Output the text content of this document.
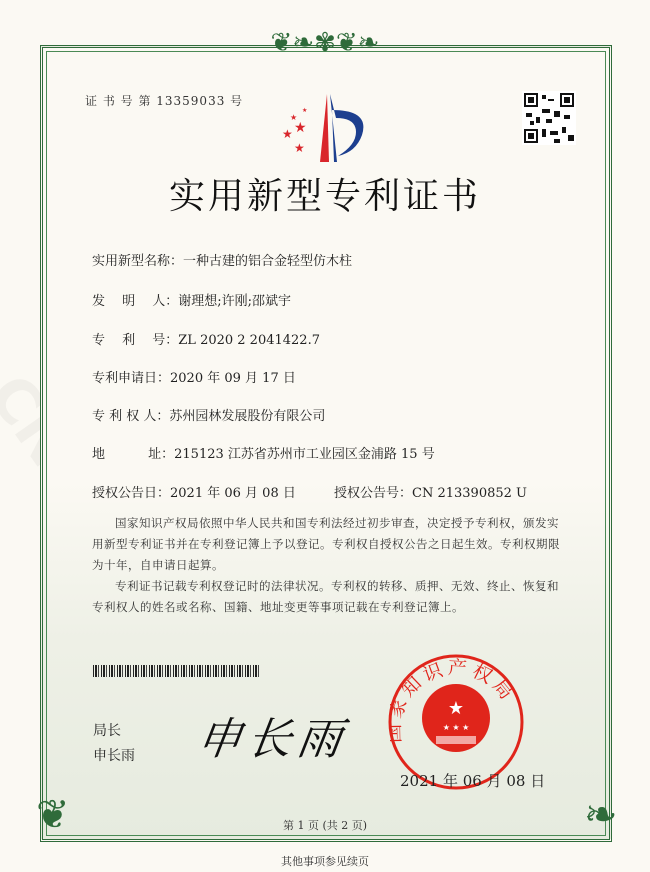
❦❧✾❦❧
❦	❧
证 书 号 第 13359033 号
★
★ ★
★
★
实用新型专利证书
实用新型名称：一种古建的铝合金轻型仿木柱
发　 明　 人：谢理想;许刚;邵斌宇
专　 利　 号：ZL 2020 2 2041422.7
专利申请日：2020 年 09 月 17 日
专 利 权 人：苏州园林发展股份有限公司
地　　　 址：215123 江苏省苏州市工业园区金浦路 15 号
授权公告日：2021 年 06 月 08 日	授权公告号：CN 213390852 U

国家知识产权局依照中华人民共和国专利法经过初步审查，决定授予专利权，颁发实用新型专利证书并在专利登记簿上予以登记。专利权自授权公告之日起生效。专利权期限为十年，自申请日起算。

专利证书记载专利权登记时的法律状况。专利权的转移、质押、无效、终止、恢复和专利权人的姓名或名称、国籍、地址变更等事项记载在专利登记簿上。

局长
申长雨 申长雨
★
★ ★ ★
知识产权局
2021 年 06 月 08 日
第 1 页 (共 2 页)
其他事项参见续页
